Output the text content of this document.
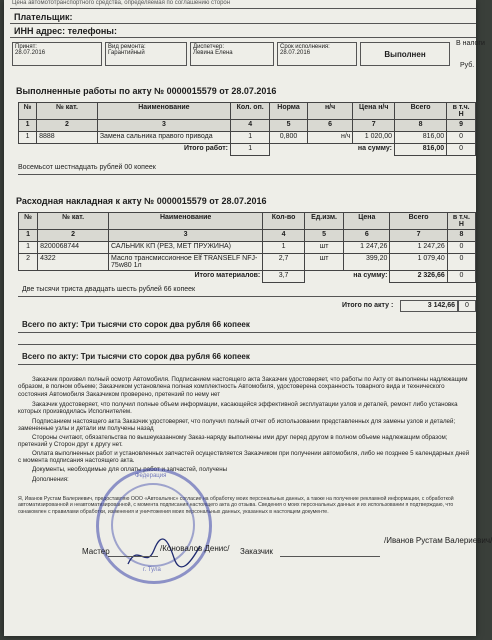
Цена автомототранспортного средства, определяемая по соглашению сторон
Плательщик:
ИНН адрес: телефоны:
В налоги
Руб.
Принят:
28.07.2016
Вид ремонта:
Гарантийный
Диспетчер:
Левина Елена
Срок исполнения:
28.07.2016	Выполнен
Выполненные работы по акту № 0000015579 от 28.07.2016
№	№ кат.	Наименование	Кол. оп.	Норма	н/ч	Цена н/ч	Всего	в т.ч. Н
1	2	3	4	5	6	7	8	9
1	8888	Замена сальника правого привода	1	0,800	н/ч	1 020,00	816,00	0
Итого работ:			1	на сумму:			816,00	0
Восемьсот шестнадцать рублей 00 копеек
Расходная накладная к акту № 0000015579 от 28.07.2016
№	№ кат.	Наименование	Кол-во	Ед.изм.	Цена	Всего	в т.ч. Н
1	2	3	4	5	6	7	8
1	8200068744	САЛЬНИК КП (РЕЗ, МЕТ ПРУЖИНА)	1	шт	1 247,26	1 247,26	0
2	4322	Масло трансмиссионное Elf TRANSELF NFJ-75w80 1л	2,7	шт	399,20	1 079,40	0
Итого материалов:			3,7	на сумму:		2 326,66	0
Две тысячи триста двадцать шесть рублей 66 копеек
Итого по акту :	3 142,66	0
Всего по акту: Три тысячи сто сорок два рубля 66 копеек
Всего по акту: Три тысячи сто сорок два рубля 66 копеек
Заказчик произвел полный осмотр Автомобиля. Подписанием настоящего акта Заказчик удостоверяет, что работы по Акту от выполнены надлежащим образом, в полном объеме; Заказчиком установлена полная комплектность Автомобиля, удостоверена сохранность товарного вида и технического состояния Автомобиля Заказчиком проверено, претензий по нему нет
Заказчик удостоверяет, что получил полные объем информации, касающейся эффективной эксплуатации узлов и деталей, ремонт либо установка которых производилась Исполнителем.
Подписанием настоящего акта Заказчик удостоверяет, что получил полный отчет об использовании представленных для замены узлов и деталей; замененные узлы и детали им получены назад
Стороны считают, обязательства по вышеуказанному Заказ-наряду выполнены ими друг перед другом в полном объеме надлежащим образом; претензий у Сторон друг к другу нет.
Оплата выполненных работ и установленных запчастей осуществляется Заказчиком при получении автомобиля, либо не позднее 5 календарных дней с момента подписания настоящего акта.
Документы, необходимые для оплаты работ и запчастей, получены
Дополнения:
Я, Иванов Рустам Валериевич, предоставляю ООО «Автоальянс» согласие на обработку моих персональных данных, а также на получение рекламной информации, с обработкой автоматизированной и неавтоматизированной, с момента подписания настоящего акта до отзыва. Сведения о моих персональных данных и их использовании я подтверждаю, что ознакомлен с правилами обработки, изменения и уничтожения моих персональных данных, указанных в настоящем документе.
Федерация
г. Тула
Мастер	/Коновалов Денис/ Заказчик
/Иванов Рустам Валериевич/
